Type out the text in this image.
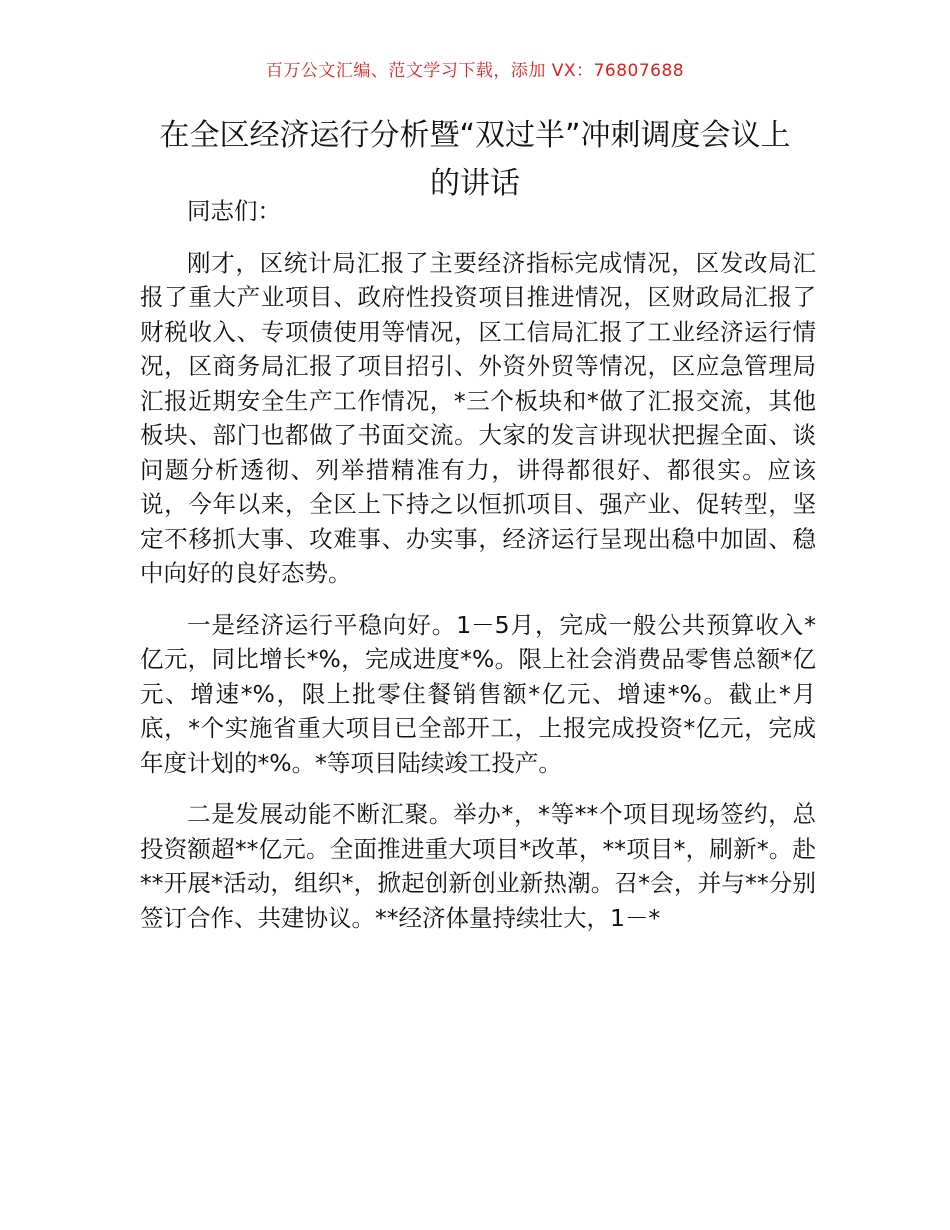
百万公文汇编、范文学习下载，添加 VX：76807688
在全区经济运行分析暨“双过半”冲刺调度会议上的讲话

同志们：

刚才，区统计局汇报了主要经济指标完成情况，区发改局汇报了重大产业项目、政府性投资项目推进情况，区财政局汇报了财税收入、专项债使用等情况，区工信局汇报了工业经济运行情况，区商务局汇报了项目招引、外资外贸等情况，区应急管理局汇报近期安全生产工作情况，*三个板块和*做了汇报交流，其他板块、部门也都做了书面交流。大家的发言讲现状把握全面、谈问题分析透彻、列举措精准有力，讲得都很好、都很实。应该说，今年以来，全区上下持之以恒抓项目、强产业、促转型，坚定不移抓大事、攻难事、办实事，经济运行呈现出稳中加固、稳中向好的良好态势。

一是经济运行平稳向好。1－5月，完成一般公共预算收入*亿元，同比增长*%，完成进度*%。限上社会消费品零售总额*亿元、增速*%，限上批零住餐销售额*亿元、增速*%。截止*月底，*个实施省重大项目已全部开工，上报完成投资*亿元，完成年度计划的*%。*等项目陆续竣工投产。

二是发展动能不断汇聚。举办*，*等**个项目现场签约，总投资额超**亿元。全面推进重大项目*改革，**项目*，刷新*。赴**开展*活动，组织*，掀起创新创业新热潮。召*会，并与**分别签订合作、共建协议。**经济体量持续壮大，1－*
